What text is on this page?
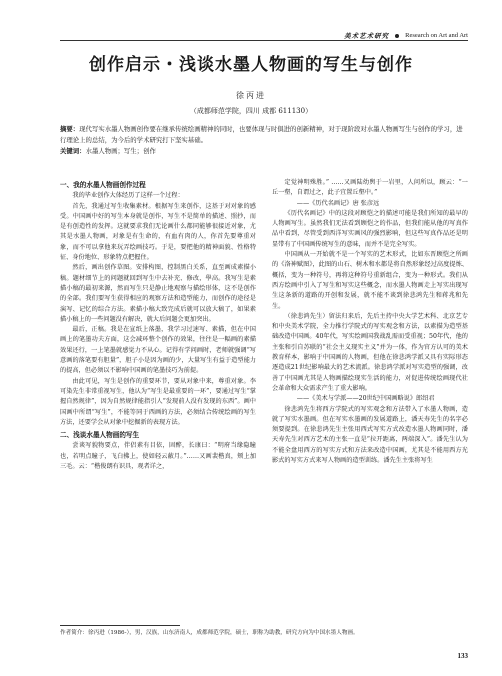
美术艺术研究 Research on Art and Art
创作启示・浅谈水墨人物画的写生与创作
徐丙进
（成都师范学院，四川 成都 611130）
摘要：现代写实水墨人物画创作要在继承传统绘画精神的同时，也要体现与时俱进的创新精神，对于现阶段对水墨人物画写生与创作的学习，进行理论上的总结，为今后的学术研究打下坚实基础。
关键词：水墨人物画；写生；创作
一、我的水墨人物画创作过程

我的毕业创作大体经历了这样一个过程：

首先，我通过写生收集素材。根据写生来创作，这基于对对象的感受。中国画中好的写生本身就是创作，写生不是简单的描述、照抄，而是有创造性的发挥。这就要求我们无论画什么都同能够很接近对象，尤其是水墨人物画，对象是有生命的，有血有肉的人，你首先要尊重对象，而不可以拿他来玩弄绘画技巧。于是，要把他的精神面貌、性格特征、身份地位、形象特点把握住。

然后，画出创作草图。安排构图，控制黑白关系，直至画成素描小稿。题材细节上的问题就回到写生中去补充、修改，學高。我写生是素描小稿的最初来源，然而写生只是静止地观察与描绘形体，这不是创作的全部。我们要写生获得相应的观察方法和造型能力，而创作的途径是演写、记忆的综合方法。素描小稿大致完成后就可以放大稿了，如果素描小稿上的一些问题没有解决，就大后问题会更加突出。

最后，正稿。我是在宣纸上落墨，我学习过速写、素描，但在中国画上的笔墨功夫方面，这会减环整个创作的效果，往往是一幅画的素描效果还行，一上笔墨就感觉力不从心。记得有学问画时，老师就强调“写意画的落笔要有胆量”，胆子小是因为画的少，大量写生有益于造型能力的提高，但必须以不影响中国画的笔墨技巧为前提。

由此可见，写生是创作的重要环节，要从对象中来，尊重对象。李可染先生非常重视写生，他认为“写生是最重要的一环”，要通过写生“掌握自然规律”，因为自然规律能指引人“发现前人没有发现的东西”。画中国画中所谓“写生”，不能等同于西画的方法，必须结合传统绘画的写生方法，还要学会从对象中挖掘新的表现方法。

二、浅谈水墨人物画的写生

尝谈写貌物要点，伴侣素有目依，固醉，长康曰：“明府当缘隐瞳也，若明点瞳子，飞白拂上，使如轻云蔽月。”……又画裴楷真，颊上加三毛。云：“楷俊朗有识具，观者详之，

定觉神明殊胜。” ……又画陆幼舆于一岩里，人问所以，顾云：“一丘一壑，自谓过之，此子宜置丘壑中。”

——《历代名画记》唐 张彦远

《历代名画记》中的这段对顾恺之的描述可能是我们所知的最早的人物画写生。虽然我们无法看到顾恺之的作品，但我们能从他的写真作品中看到，尽管受到西洋写实画风的强烈影响，但这些写真作品还是明显带有了中国画传统写生的意味，而并不是完全写实。

中国画从一开始就不是一个写实的艺术形式，比如东晋顾恺之所画的《洛神赋图》，此图的山石、树木和水都是将自然形象经过高度提炼、概括，变为一种符号，再将这种符号重新组合，变为一种形式。我们从西方绘画中引入了写生和写实这些概念，而水墨人物画走上写实出现写生这条新的道路的开创和发展，就不能不谈到徐悲鸿先生和蒋兆和先生。

（徐悲鸿先生）留法归来后，先后主持中央大学艺术科、北京艺专和中央美术学院，全力推行学院式的写实观念和方法，以素描为造型基础改造中国画。40年代，写实绘画国我战乱需而受重视；50年代，他的主张和引自苏联的“社会主义现实主义”并为一体，作为官方认可的美术教育样本，影响于中国画的人物画，但他在徐悲鸿学派又具有实际形态逐造成21世纪影响最大的艺术流派。徐悲鸿学派对写实造型的强调，改善了中国画尤其是人物画描绘现实生活的能力，对促进传统绘画现代社会革命和大众需求产生了重大影响。

——《美术与学派——20世纪中国画略说》郎绍君

徐悲鸿先生将西方学院式的写实观念和方法带入了水墨人物画，造就了写实水墨画。但在写实水墨画的发展道路上，潘天寿先生的名字必须要提到。在徐悲鸿先生主张用西式写实方式改造水墨人物画同时，潘天寿先生对西方艺术的主张一直是“拉开距离，两端深入”。潘先生认为不能全盘用西方的写实方式和方法来改造中国画，尤其是不能用西方光影式的写实方式来写人物画的造型训练。潘先生主张将写生

作者简介：徐丙进（1986-），男，汉族，山东济南人，成都师范学院，硕士，职称为助教，研究方向为中国水墨人物画。
133
